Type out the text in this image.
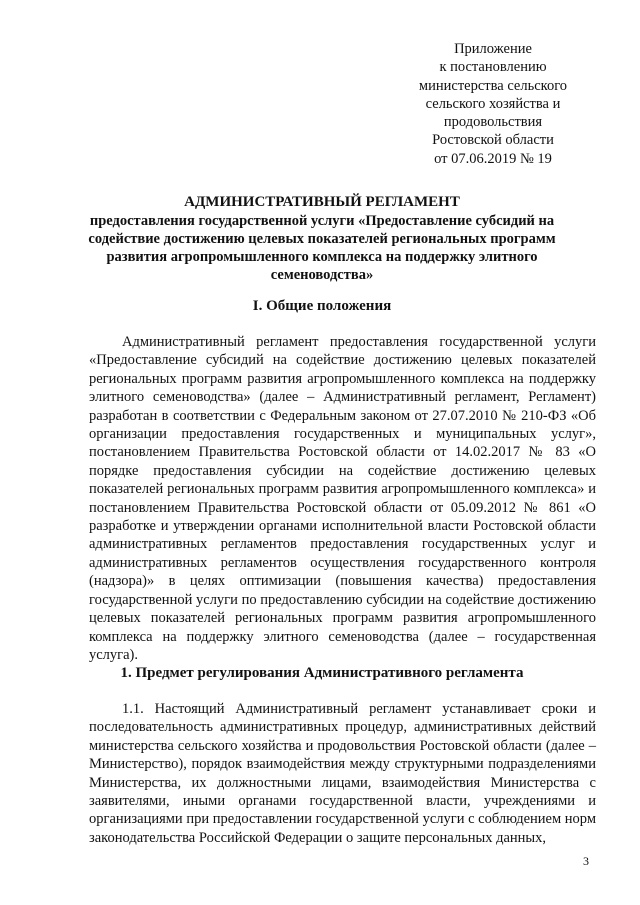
Приложение
к постановлению
министерства сельского
сельского хозяйства и
продовольствия
Ростовской области
от 07.06.2019 № 19
АДМИНИСТРАТИВНЫЙ РЕГЛАМЕНТ
предоставления государственной услуги «Предоставление субсидий на содействие достижению целевых показателей региональных программ развития агропромышленного комплекса на поддержку элитного семеноводства»
I. Общие положения
Административный регламент предоставления государственной услуги «Предоставление субсидий на содействие достижению целевых показателей региональных программ развития агропромышленного комплекса на поддержку элитного семеноводства» (далее – Административный регламент, Регламент) разработан в соответствии с Федеральным законом от 27.07.2010 № 210-ФЗ «Об организации предоставления государственных и муниципальных услуг», постановлением Правительства Ростовской области от 14.02.2017 № 83 «О порядке предоставления субсидии на содействие достижению целевых показателей региональных программ развития агропромышленного комплекса» и постановлением Правительства Ростовской области от 05.09.2012 № 861 «О разработке и утверждении органами исполнительной власти Ростовской области административных регламентов предоставления государственных услуг и административных регламентов осуществления государственного контроля (надзора)» в целях оптимизации (повышения качества) предоставления государственной услуги по предоставлению субсидии на содействие достижению целевых показателей региональных программ развития агропромышленного комплекса на поддержку элитного семеноводства (далее – государственная услуга).
1. Предмет регулирования Административного регламента
1.1. Настоящий Административный регламент устанавливает сроки и последовательность административных процедур, административных действий министерства сельского хозяйства и продовольствия Ростовской области (далее – Министерство), порядок взаимодействия между структурными подразделениями Министерства, их должностными лицами, взаимодействия Министерства с заявителями, иными органами государственной власти, учреждениями и организациями при предоставлении государственной услуги с соблюдением норм законодательства Российской Федерации о защите персональных данных,
3
